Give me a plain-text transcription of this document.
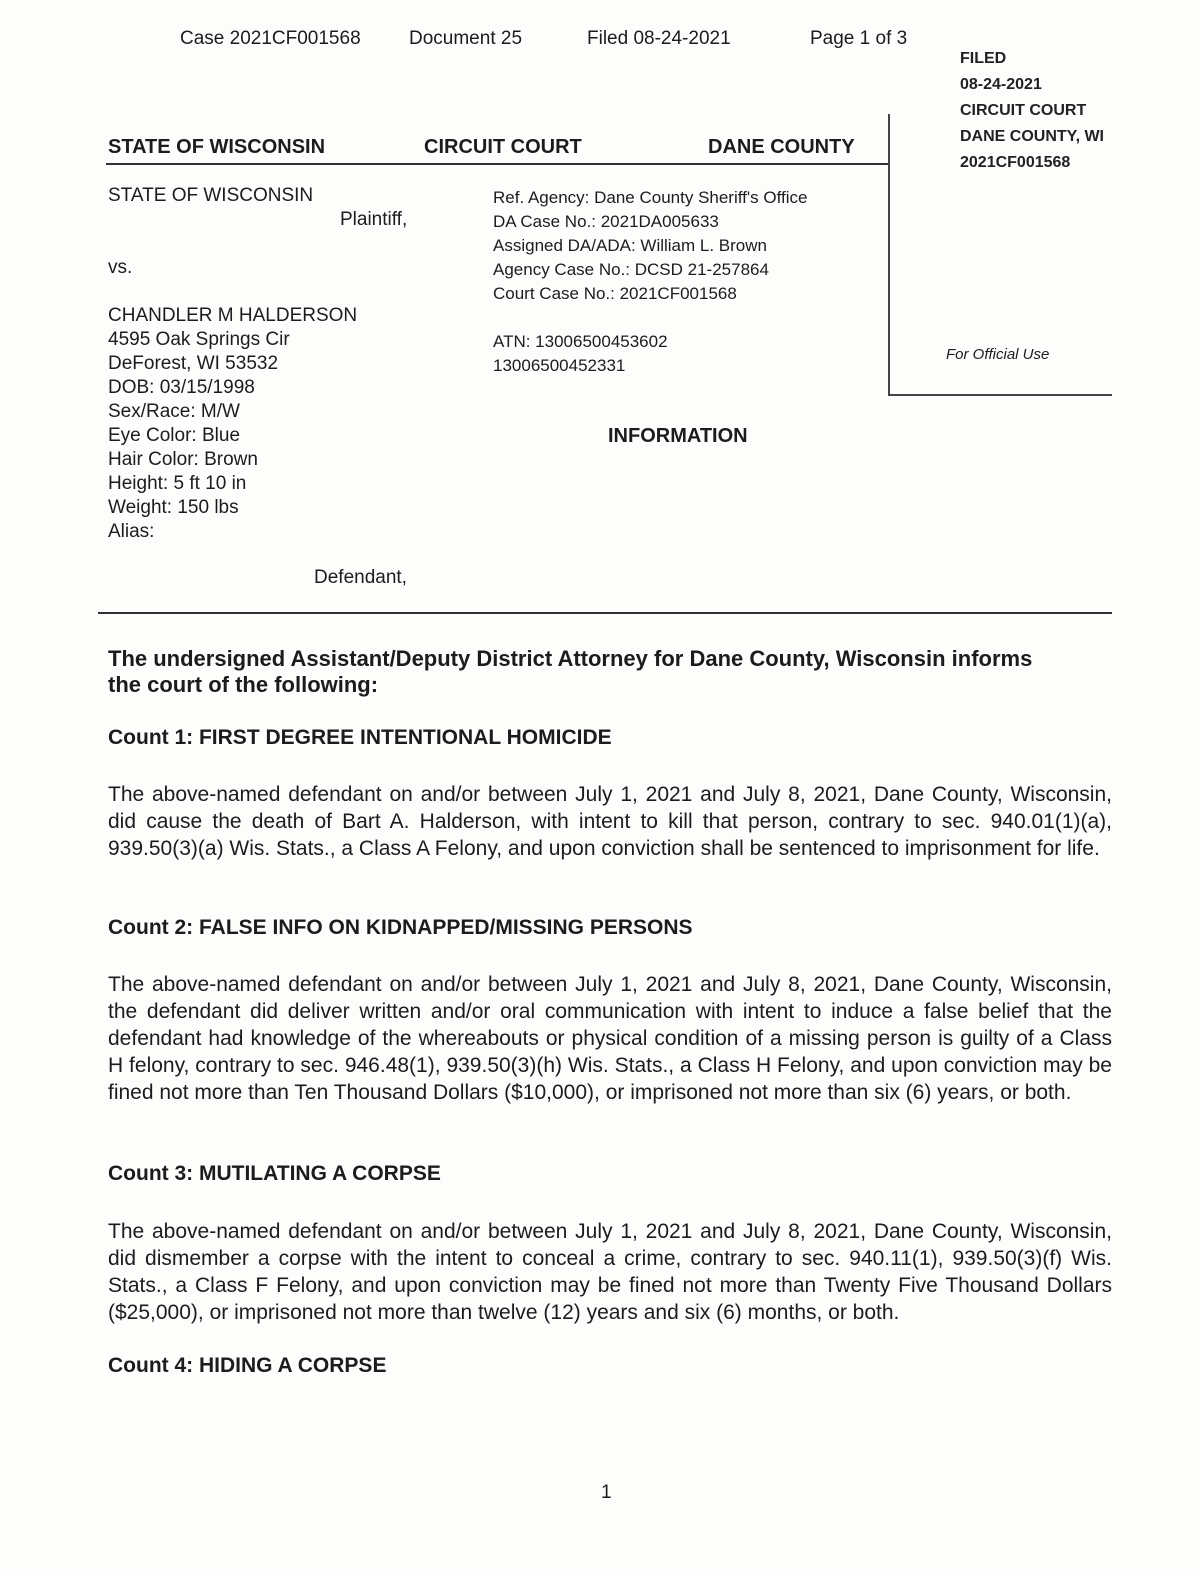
Case 2021CF001568	Document 25	Filed 08-24-2021	Page 1 of 3
FILED
08-24-2021
CIRCUIT COURT
DANE COUNTY, WI
2021CF001568
For Official Use
STATE OF WISCONSIN	CIRCUIT COURT	DANE COUNTY
STATE OF WISCONSIN
Plaintiff,
vs.
CHANDLER M HALDERSON
4595 Oak Springs Cir
DeForest, WI 53532
DOB: 03/15/1998
Sex/Race: M/W
Eye Color: Blue
Hair Color: Brown
Height: 5 ft 10 in
Weight: 150 lbs
Alias:
Defendant,
Ref. Agency: Dane County Sheriff's Office
DA Case No.: 2021DA005633
Assigned DA/ADA: William L. Brown
Agency Case No.: DCSD 21-257864
Court Case No.: 2021CF001568
ATN: 13006500453602
13006500452331
INFORMATION
The undersigned Assistant/Deputy District Attorney for Dane County, Wisconsin informs the court of the following:
Count 1: FIRST DEGREE INTENTIONAL HOMICIDE
The above-named defendant on and/or between July 1, 2021 and July 8, 2021, Dane County, Wisconsin, did cause the death of Bart A. Halderson, with intent to kill that person, contrary to sec. 940.01(1)(a), 939.50(3)(a) Wis. Stats., a Class A Felony, and upon conviction shall be sentenced to imprisonment for life.
Count 2: FALSE INFO ON KIDNAPPED/MISSING PERSONS
The above-named defendant on and/or between July 1, 2021 and July 8, 2021, Dane County, Wisconsin, the defendant did deliver written and/or oral communication with intent to induce a false belief that the defendant had knowledge of the whereabouts or physical condition of a missing person is guilty of a Class H felony, contrary to sec. 946.48(1), 939.50(3)(h) Wis. Stats., a Class H Felony, and upon conviction may be fined not more than Ten Thousand Dollars ($10,000), or imprisoned not more than six (6) years, or both.
Count 3: MUTILATING A CORPSE
The above-named defendant on and/or between July 1, 2021 and July 8, 2021, Dane County, Wisconsin, did dismember a corpse with the intent to conceal a crime, contrary to sec. 940.11(1), 939.50(3)(f) Wis. Stats., a Class F Felony, and upon conviction may be fined not more than Twenty Five Thousand Dollars ($25,000), or imprisoned not more than twelve (12) years and six (6) months, or both.
Count 4: HIDING A CORPSE
1
